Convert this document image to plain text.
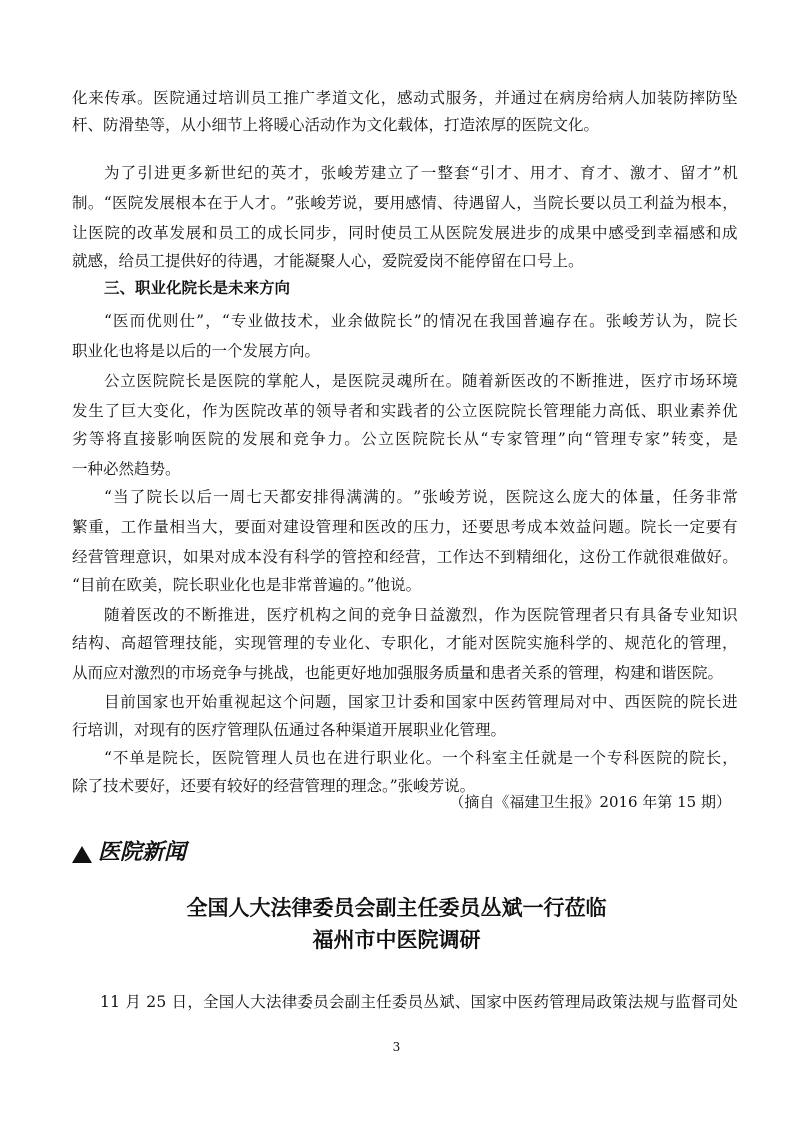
化 来 传 承 。 医 院 通 过 培 训 员 工 推 广 孝 道 文 化 ， 感 动 式 服 务 ， 并 通 过 在 病 房 给 病 人 加 装 防 摔 防 坠
杆、防滑垫等，从小细节上将暖心活动作为文化载体，打造浓厚的医院文化。
为 了 引 进 更 多 新 世 纪 的 英 才 ， 张 峻 芳 建 立 了 一 整 套 “ 引 才 、 用 才 、 育 才 、 激 才 、 留 才 ” 机
制 。 “ 医 院 发 展 根 本 在 于 人 才 。 ” 张 峻 芳 说 ， 要 用 感 情 、 待 遇 留 人 ， 当 院 长 要 以 员 工 利 益 为 根 本 ，
让 医 院 的 改 革 发 展 和 员 工 的 成 长 同 步 ， 同 时 使 员 工 从 医 院 发 展 进 步 的 成 果 中 感 受 到 幸 福 感 和 成
就感，给员工提供好的待遇，才能凝聚人心，爱院爱岗不能停留在口号上。
“ 医 而 优 则 仕 ” ， “ 专 业 做 技 术 ， 业 余 做 院 长 ” 的 情 况 在 我 国 普 遍 存 在 。 张 峻 芳 认 为 ， 院 长
职业化也将是以后的一个发展方向。
公 立 医 院 院 长 是 医 院 的 掌 舵 人 ， 是 医 院 灵 魂 所 在 。 随 着 新 医 改 的 不 断 推 进 ， 医 疗 市 场 环 境
发 生 了 巨 大 变 化 ， 作 为 医 院 改 革 的 领 导 者 和 实 践 者 的 公 立 医 院 院 长 管 理 能 力 高 低 、 职 业 素 养 优
劣 等 将 直 接 影 响 医 院 的 发 展 和 竞 争 力 。 公 立 医 院 院 长 从 “ 专 家 管 理 ” 向 “ 管 理 专 家 ” 转 变 ， 是
一种必然趋势。
“ 当 了 院 长 以 后 一 周 七 天 都 安 排 得 满 满 的 。 ” 张 峻 芳 说 ， 医 院 这 么 庞 大 的 体 量 ， 任 务 非 常
繁 重 ， 工 作 量 相 当 大 ， 要 面 对 建 设 管 理 和 医 改 的 压 力 ， 还 要 思 考 成 本 效 益 问 题 。 院 长 一 定 要 有
经 营 管 理 意 识 ， 如 果 对 成 本 没 有 科 学 的 管 控 和 经 营 ， 工 作 达 不 到 精 细 化 ， 这 份 工 作 就 很 难 做 好 。
“目前在欧美，院长职业化也是非常普遍的。”他说。
随 着 医 改 的 不 断 推 进 ， 医 疗 机 构 之 间 的 竞 争 日 益 激 烈 ， 作 为 医 院 管 理 者 只 有 具 备 专 业 知 识
结 构 、 高 超 管 理 技 能 ， 实 现 管 理 的 专 业 化 、 专 职 化 ， 才 能 对 医 院 实 施 科 学 的 、 规 范 化 的 管 理 ，
从而应对激烈的市场竞争与挑战，也能更好地加强服务质量和患者关系的管理，构建和谐医院。
目 前 国 家 也 开 始 重 视 起 这 个 问 题 ， 国 家 卫 计 委 和 国 家 中 医 药 管 理 局 对 中 、 西 医 院 的 院 长 进
行培训，对现有的医疗管理队伍通过各种渠道开展职业化管理。
“ 不 单 是 院 长 ， 医 院 管 理 人 员 也 在 进 行 职 业 化 。 一 个 科 室 主 任 就 是 一 个 专 科 医 院 的 院 长 ，
除了技术要好，还要有较好的经营管理的理念。”张峻芳说。
三、职业化院长是未来方向
（摘自《福建卫生报》2016 年第 15 期）
医院新闻
全国人大法律委员会副主任委员丛斌一行莅临
福州市中医院调研
1 1
月
2 5
日 ， 全 国 人 大 法 律 委 员 会 副 主 任 委 员 丛 斌 、 国 家 中 医 药 管 理 局 政 策 法 规 与 监 督 司 处
3
